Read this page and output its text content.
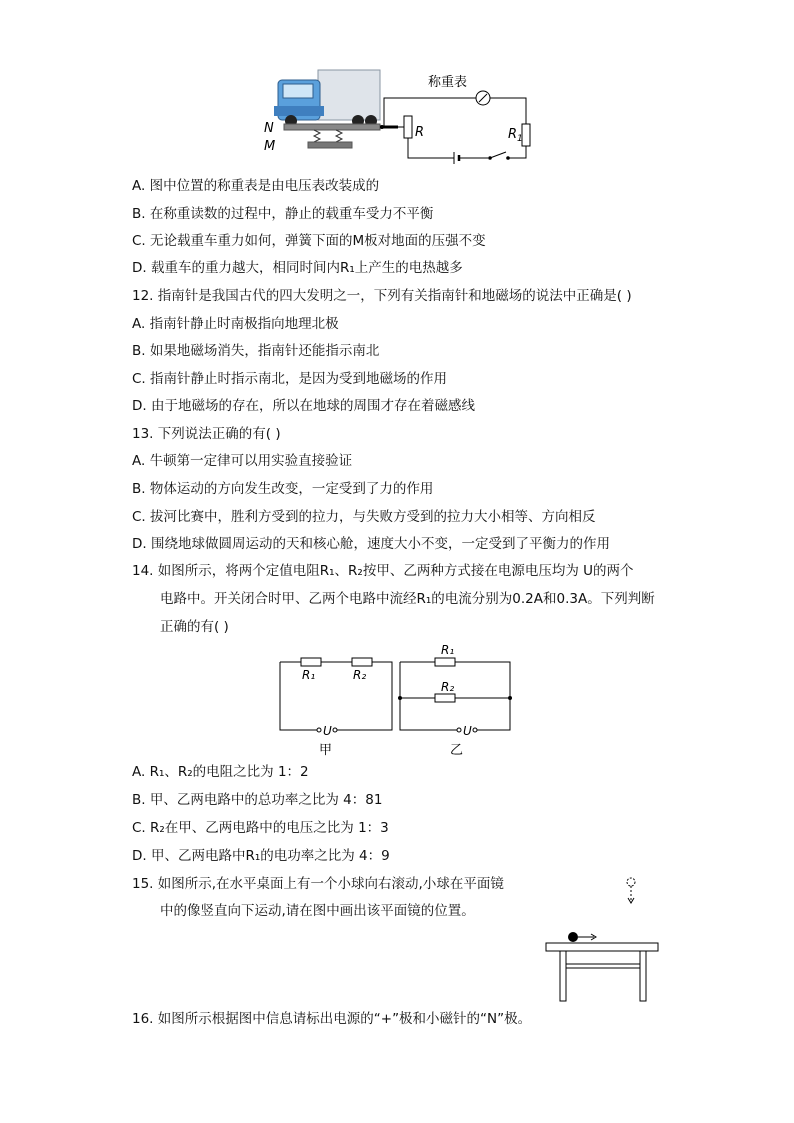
称重表
N
M
R	$R_1$
A. 图中位置的称重表是由电压表改装成的
B. 在称重读数的过程中，静止的载重车受力不平衡
C. 无论载重车重力如何，弹簧下面的M板对地面的压强不变
D. 载重车的重力越大，相同时间内R₁上产生的电热越多
12. 指南针是我国古代的四大发明之一，下列有关指南针和地磁场的说法中正确是( )
A. 指南针静止时南极指向地理北极
B. 如果地磁场消失，指南针还能指示南北
C. 指南针静止时指示南北，是因为受到地磁场的作用
D. 由于地磁场的存在，所以在地球的周围才存在着磁感线
13. 下列说法正确的有( )
A. 牛顿第一定律可以用实验直接验证
B. 物体运动的方向发生改变，一定受到了力的作用
C. 拔河比赛中，胜利方受到的拉力，与失败方受到的拉力大小相等、方向相反
D. 围绕地球做圆周运动的天和核心舱，速度大小不变，一定受到了平衡力的作用
14. 如图所示，将两个定值电阻R₁、R₂按甲、乙两种方式接在电源电压均为 U的两个
电路中。开关闭合时甲、乙两个电路中流经R₁的电流分别为0.2A和0.3A。下列判断
正确的有( )
R₁	R₂
R₁
R₂
U	U
甲	乙
A. R₁、R₂的电阻之比为 1：2
B. 甲、乙两电路中的总功率之比为 4：81
C. R₂在甲、乙两电路中的电压之比为 1：3
D. 甲、乙两电路中R₁的电功率之比为 4：9
15. 如图所示,在水平桌面上有一个小球向右滚动,小球在平面镜
中的像竖直向下运动,请在图中画出该平面镜的位置。
16. 如图所示根据图中信息请标出电源的“+”极和小磁针的“N”极。
